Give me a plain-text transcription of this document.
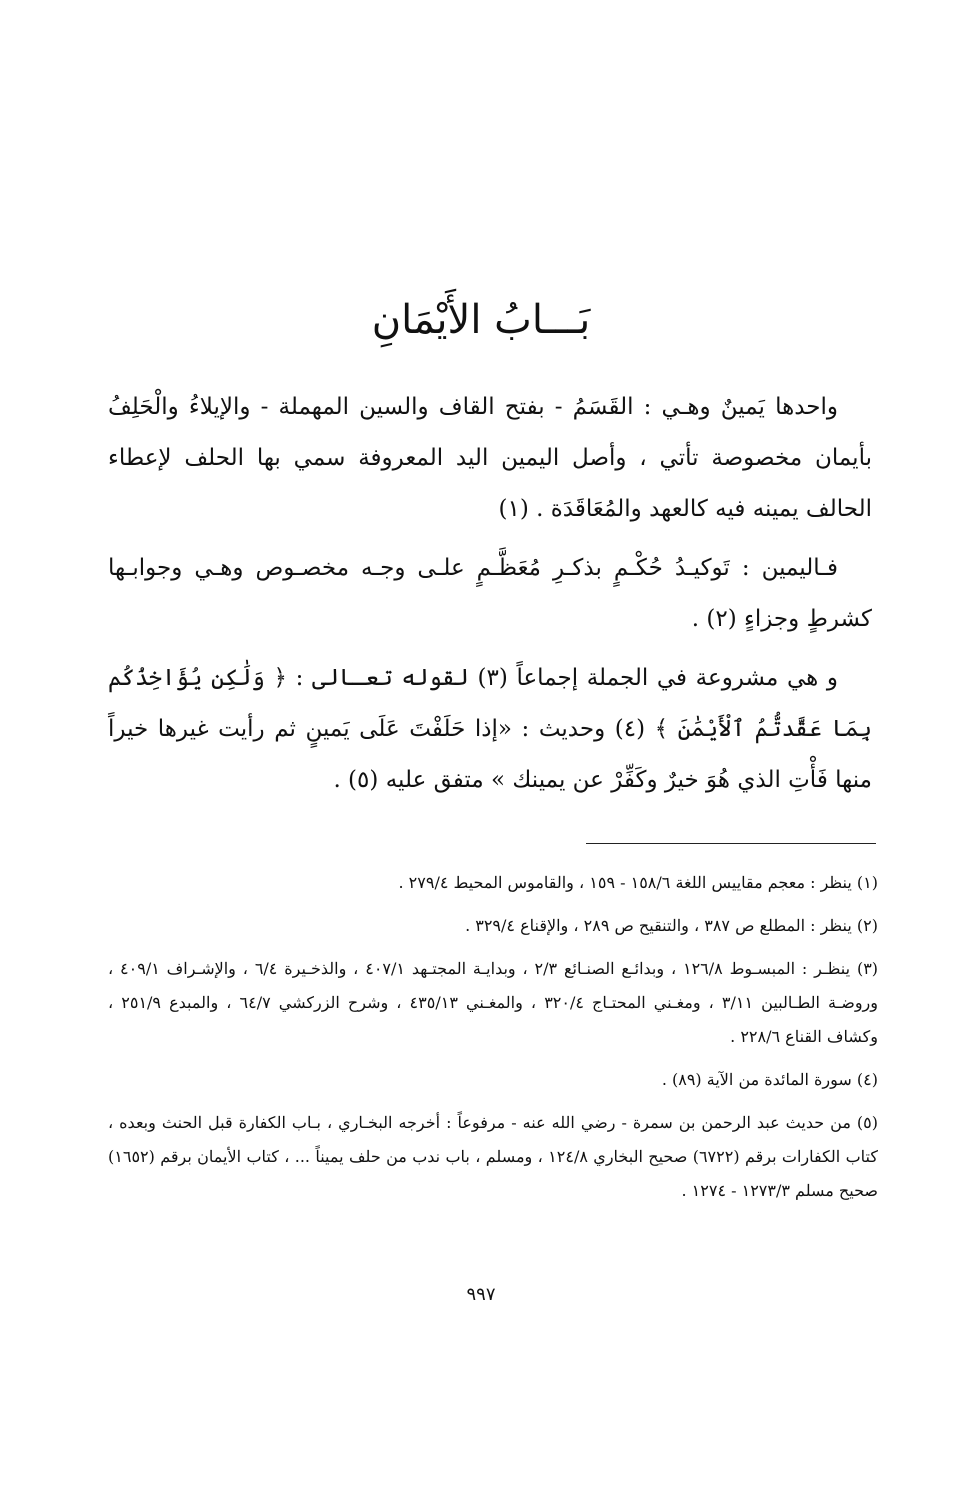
بَـــابُ الأَيْمَانِ

واحدها يَمينٌ وهـي : القَسَمُ - بفتح القاف والسين المهملة - والإيلاءُ والْحَلِفُ بأيمان مخصوصة تأتي ، وأصل اليمين اليد المعروفة سمي بها الحلف لإعطاء الحالف يمينه فيه كالعهد والمُعَاقَدَة . (١)

فـاليمين : تَوكيـدُ حُكْـمٍ بذكـرِ مُعَظَّـمٍ علـى وجـه مخصـوص وهـي وجوابـها كشرطٍ وجزاءٍ (٢) .

و هي مشروعة في الجملة إجماعاً (٣) لقوله تعـالى : ﴿ وَلَٰكِن يُؤَاخِذُكُم بِمَا عَقَّدتُّمُ ٱلْأَيْمَٰنَ ﴾ (٤) وحديث : «إذا حَلَفْتَ عَلَى يَمينٍ ثم رأيت غيرها خيراً منها فَأْتِ الذي هُوَ خيرٌ وكَفِّرْ عن يمينك » متفق عليه (٥) .

(١) ينظر : معجم مقاييس اللغة ١٥٨/٦ - ١٥٩ ، والقاموس المحيط ٢٧٩/٤ .

(٢) ينظر : المطلع ص ٣٨٧ ، والتنقيح ص ٢٨٩ ، والإقناع ٣٢٩/٤ .

(٣) ينظـر : المبسـوط ١٢٦/٨ ، وبدائـع الصنـائع ٢/٣ ، وبدايـة المجتـهد ٤٠٧/١ ، والذخـيرة ٦/٤ ، والإشـراف ٤٠٩/١ ، وروضـة الطـالبين ٣/١١ ، ومغـني المحتـاج ٣٢٠/٤ ، والمغـني ٤٣٥/١٣ ، وشرح الزركشي ٦٤/٧ ، والمبدع ٢٥١/٩ ، وكشاف القناع ٢٢٨/٦ .

(٤) سورة المائدة من الآية (٨٩) .

(٥) من حديث عبد الرحمن بن سمرة - رضي الله عنه - مرفوعاً : أخرجه البخـاري ، بـاب الكفارة قبل الحنث وبعده ، كتاب الكفارات برقم (٦٧٢٢) صحيح البخاري ١٢٤/٨ ، ومسلم ، باب ندب من حلف يميناً ... ، كتاب الأيمان برقم (١٦٥٢) صحيح مسلم ١٢٧٣/٣ - ١٢٧٤ .

٩٩٧
